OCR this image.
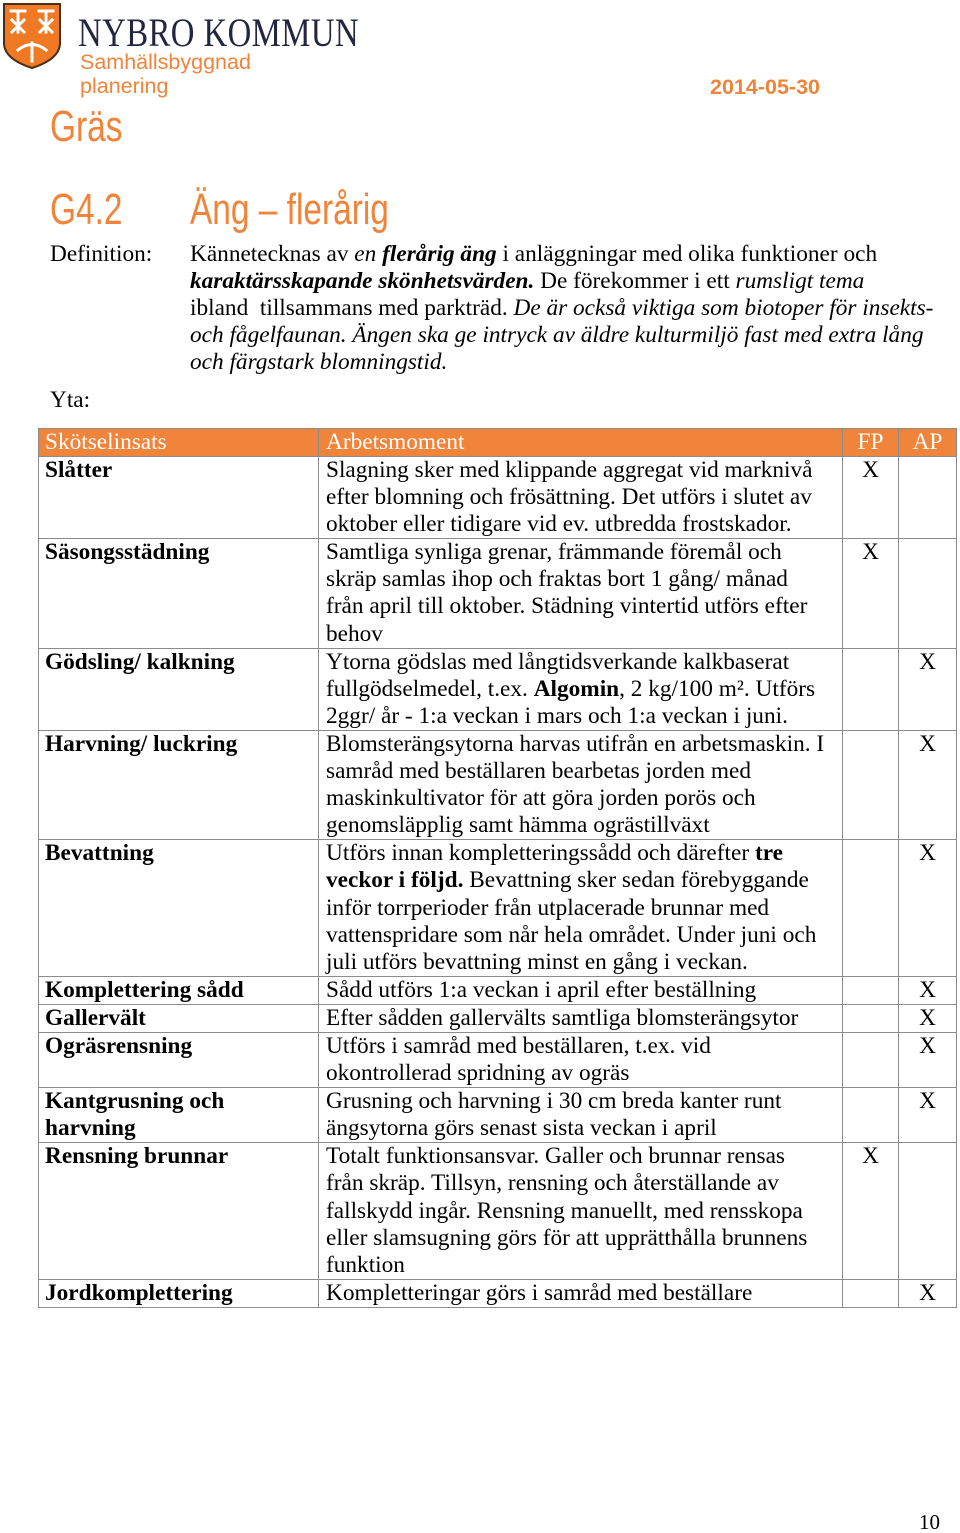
NYBRO KOMMUN
Samhällsbyggnad
planering	2014-05-30
Gräs
G4.2 Äng – flerårig
Definition: Kännetecknas av en flerårig äng i anläggningar med olika funktioner och
karaktärsskapande skönhetsvärden. De förekommer i ett rumsligt tema
ibland  tillsammans med parkträd. De är också viktiga som biotoper för insekts-
och fågelfaunan. Ängen ska ge intryck av äldre kulturmiljö fast med extra lång
och färgstark blomningstid.
Yta:
Skötselinsats	Arbetsmoment	FP	AP
Slåtter	Slagning sker med klippande aggregat vid marknivå
efter blomning och frösättning. Det utförs i slutet av
oktober eller tidigare vid ev. utbredda frostskador.	X	
Säsongsstädning	Samtliga synliga grenar, främmande föremål och
skräp samlas ihop och fraktas bort 1 gång/ månad
från april till oktober. Städning vintertid utförs efter
behov	X	
Gödsling/ kalkning	Ytorna gödslas med långtidsverkande kalkbaserat
fullgödselmedel, t.ex. Algomin, 2 kg/100 m². Utförs
2ggr/ år - 1:a veckan i mars och 1:a veckan i juni.		X
Harvning/ luckring	Blomsterängsytorna harvas utifrån en arbetsmaskin. I
samråd med beställaren bearbetas jorden med
maskinkultivator för att göra jorden porös och
genomsläpplig samt hämma ogrästillväxt		X
Bevattning	Utförs innan kompletteringssådd och därefter tre
veckor i följd. Bevattning sker sedan förebyggande
inför torrperioder från utplacerade brunnar med
vattenspridare som når hela området. Under juni och
juli utförs bevattning minst en gång i veckan.		X
Komplettering sådd	Sådd utförs 1:a veckan i april efter beställning		X
Gallervält	Efter sådden gallervälts samtliga blomsterängsytor		X
Ogräsrensning	Utförs i samråd med beställaren, t.ex. vid
okontrollerad spridning av ogräs		X
Kantgrusning och harvning	Grusning och harvning i 30 cm breda kanter runt
ängsytorna görs senast sista veckan i april		X
Rensning brunnar	Totalt funktionsansvar. Galler och brunnar rensas
från skräp. Tillsyn, rensning och återställande av
fallskydd ingår. Rensning manuellt, med rensskopa
eller slamsugning görs för att upprätthålla brunnens
funktion	X	
Jordkomplettering	Kompletteringar görs i samråd med beställare		X
10
